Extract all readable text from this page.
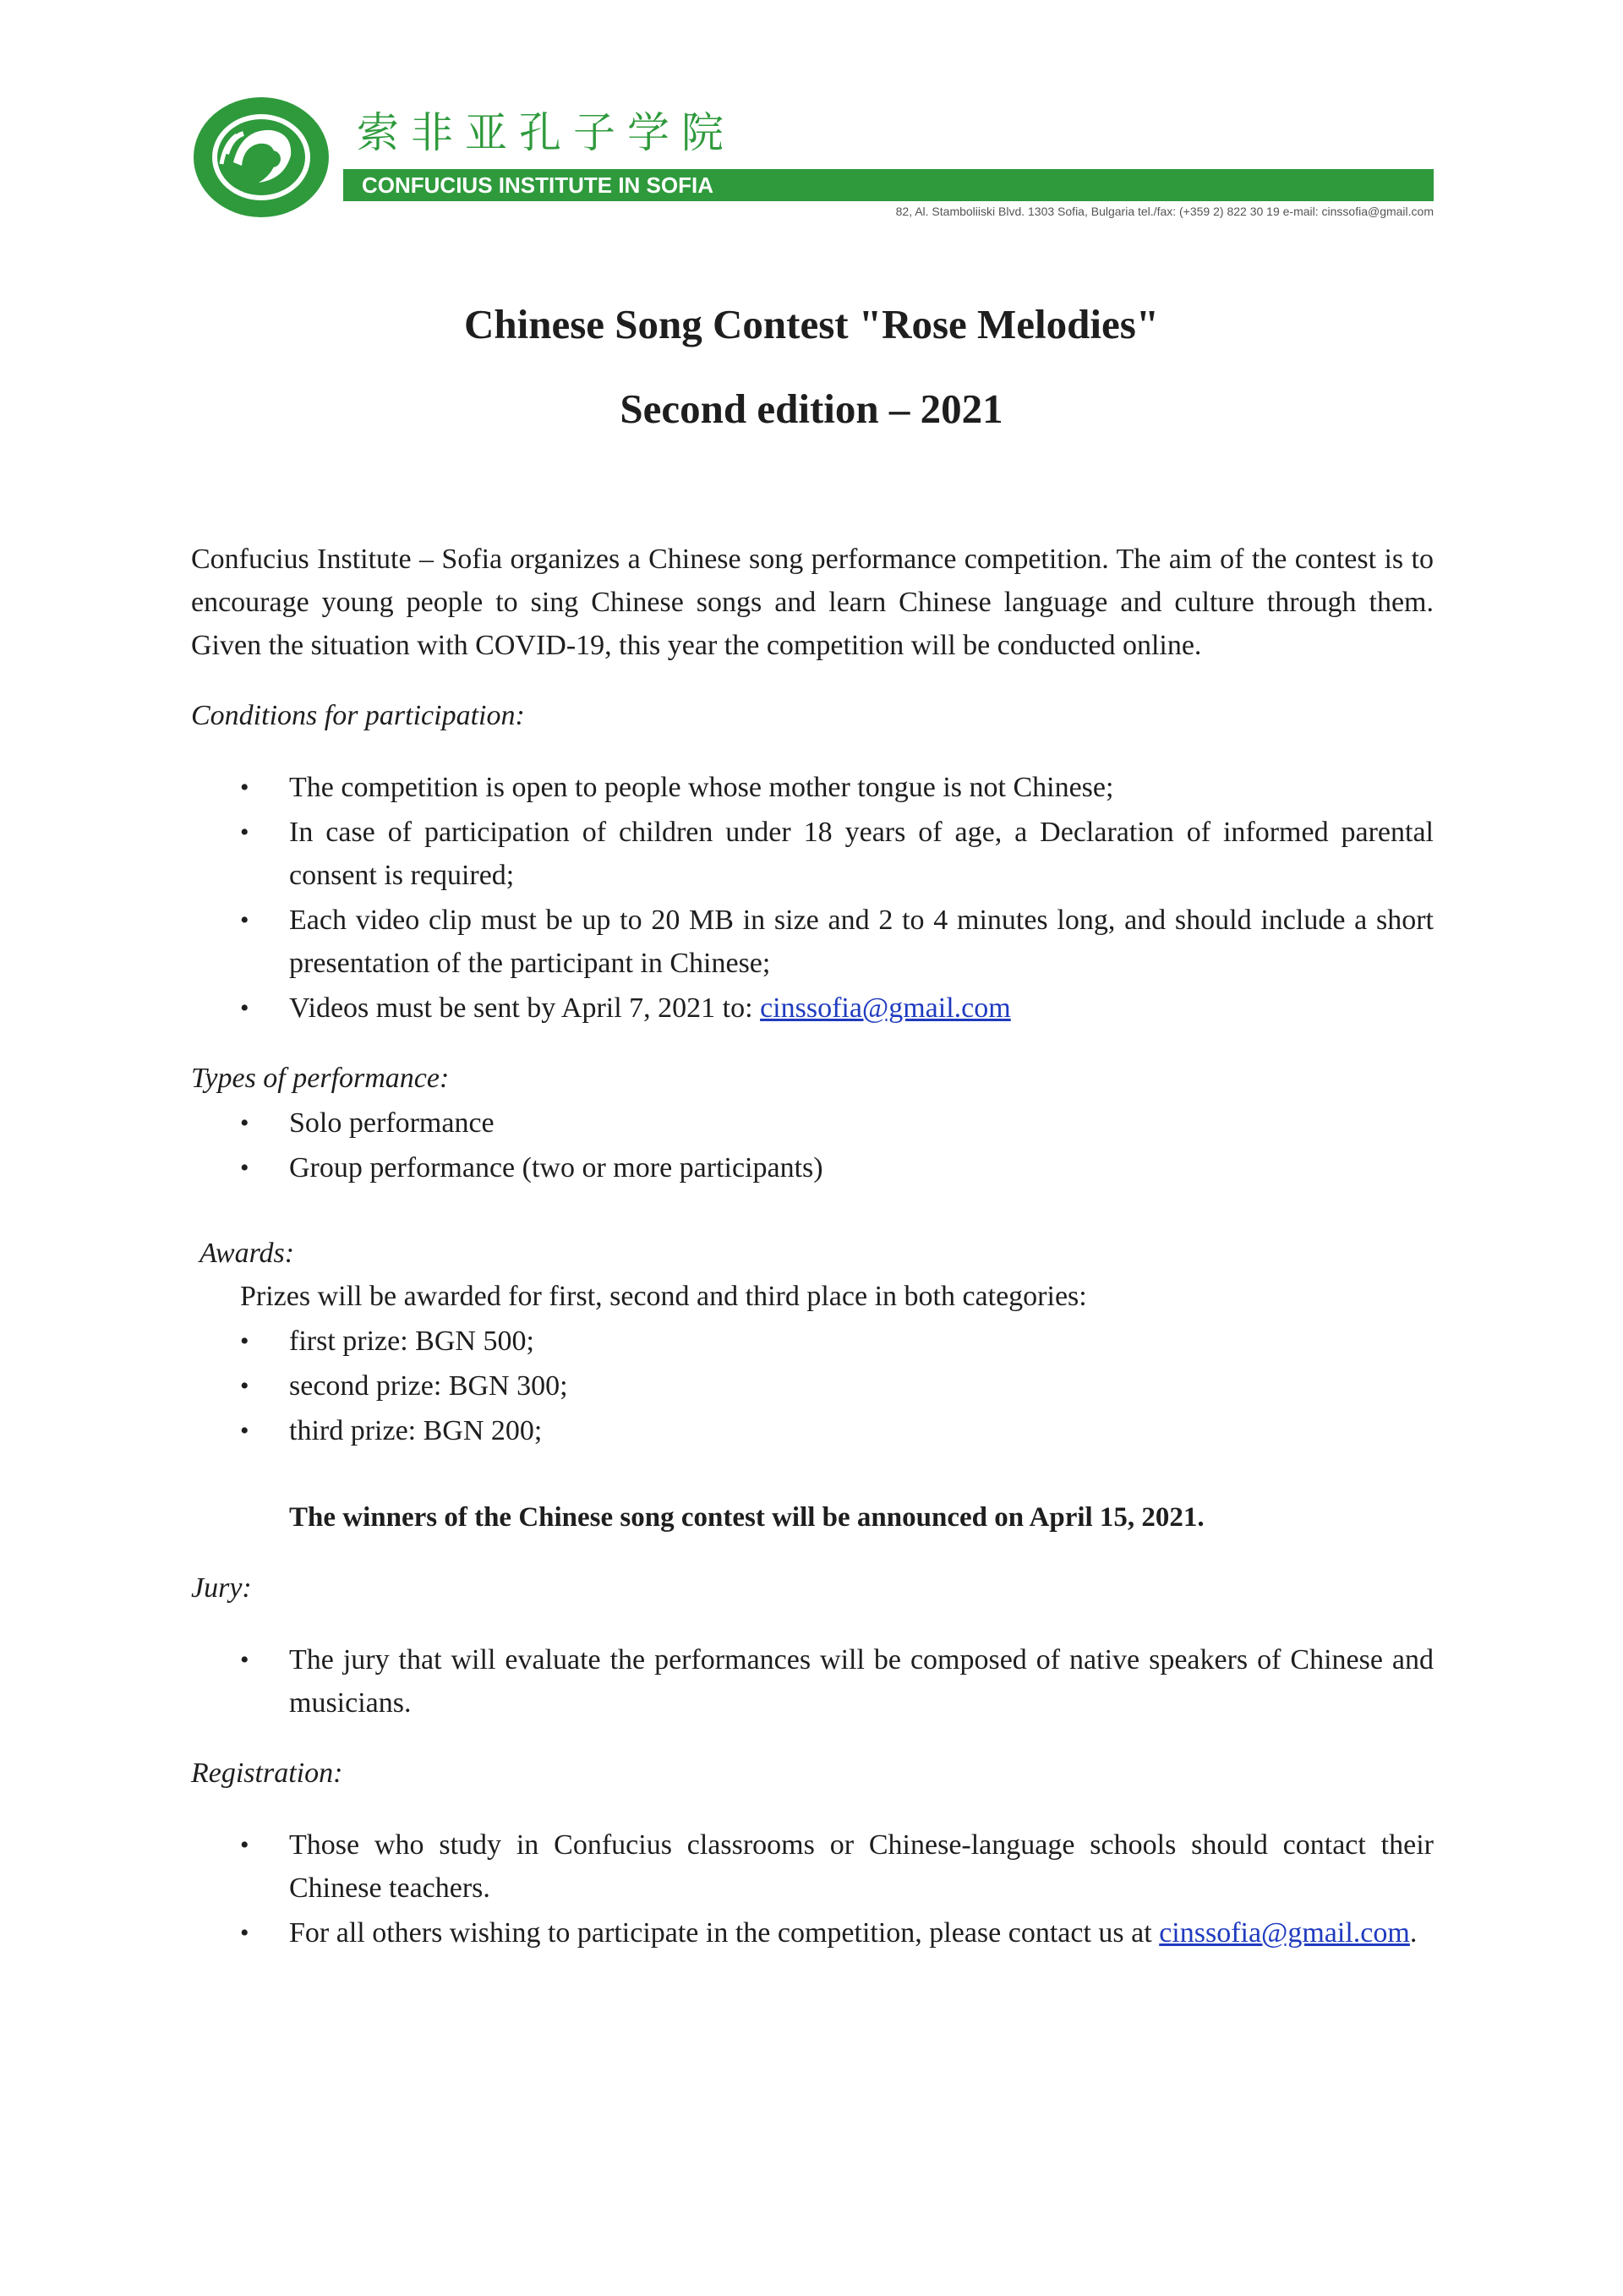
索非亚孔子学院
CONFUCIUS INSTITUTE IN SOFIA
82, Al. Stamboliiski Blvd. 1303 Sofia, Bulgaria tel./fax: (+359 2) 822 30 19 e-mail: cinssofia@gmail.com
Chinese Song Contest "Rose Melodies"
Second edition – 2021

Confucius Institute – Sofia organizes a Chinese song performance competition. The aim of the contest is to encourage young people to sing Chinese songs and learn Chinese language and culture through them. Given the situation with COVID-19, this year the competition will be conducted online.

Conditions for participation:

• The competition is open to people whose mother tongue is not Chinese;
• In case of participation of children under 18 years of age, a Declaration of informed parental consent is required;
• Each video clip must be up to 20 MB in size and 2 to 4 minutes long, and should include a short presentation of the participant in Chinese;
• Videos must be sent by April 7, 2021 to: cinssofia@gmail.com

Types of performance:

• Solo performance
• Group performance (two or more participants)

Awards:

Prizes will be awarded for first, second and third place in both categories:

• first prize: BGN 500;
• second prize: BGN 300;
• third prize: BGN 200;

The winners of the Chinese song contest will be announced on April 15, 2021.

Jury:

• The jury that will evaluate the performances will be composed of native speakers of Chinese and musicians.

Registration:

• Those who study in Confucius classrooms or Chinese-language schools should contact their Chinese teachers.
• For all others wishing to participate in the competition, please contact us at cinssofia@gmail.com.
